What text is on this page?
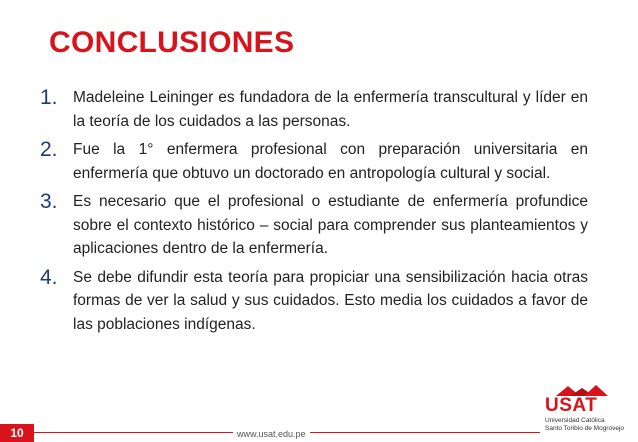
CONCLUSIONES
1. Madeleine Leininger es fundadora de la enfermería transcultural y líder en la teoría de los cuidados a las personas.
2. Fue la 1° enfermera profesional con preparación universitaria en enfermería que obtuvo un doctorado en antropología cultural y social.
3. Es necesario que el profesional o estudiante de enfermería profundice sobre el contexto histórico – social para comprender sus planteamientos y aplicaciones dentro de la enfermería.
4. Se debe difundir esta teoría para propiciar una sensibilización hacia otras formas de ver la salud y sus cuidados. Esto media los cuidados a favor de las poblaciones indígenas.
10	www.usat.edu.pe
USAT
Universidad Católica
Santo Toribio de Mogrovejo
